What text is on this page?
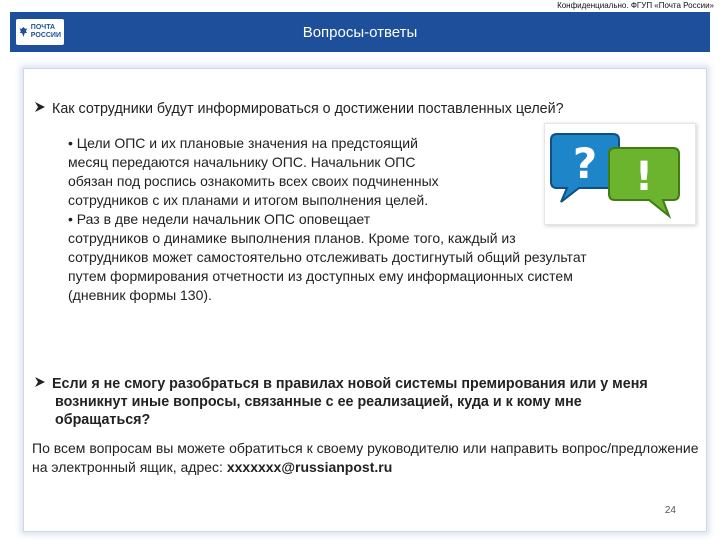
Конфиденциально. ФГУП «Почта России»
ПОЧТА
РОССИИ	Вопросы-ответы
Как сотрудники будут информироваться о достижении поставленных целей?
? !

• Цели ОПС и их плановые значения на предстоящий

месяц передаются начальнику ОПС. Начальник ОПС

обязан под роспись ознакомить всех своих подчиненных

сотрудников с их планами и итогом выполнения целей.

• Раз в две недели начальник ОПС оповещает

сотрудников о динамике выполнения планов. Кроме того, каждый из

сотрудников может самостоятельно отслеживать достигнутый общий результат

путем формирования отчетности из доступных ему информационных систем

(дневник формы 130).

Если я не смогу разобраться в правилах новой системы премирования или у меня
возникнут иные вопросы, связанные с ее реализацией, куда и к кому мне
обращаться?
По всем вопросам вы можете обратиться к своему руководителю или направить вопрос/предложение на электронный ящик, адрес: xxxxxxx@russianpost.ru
24
